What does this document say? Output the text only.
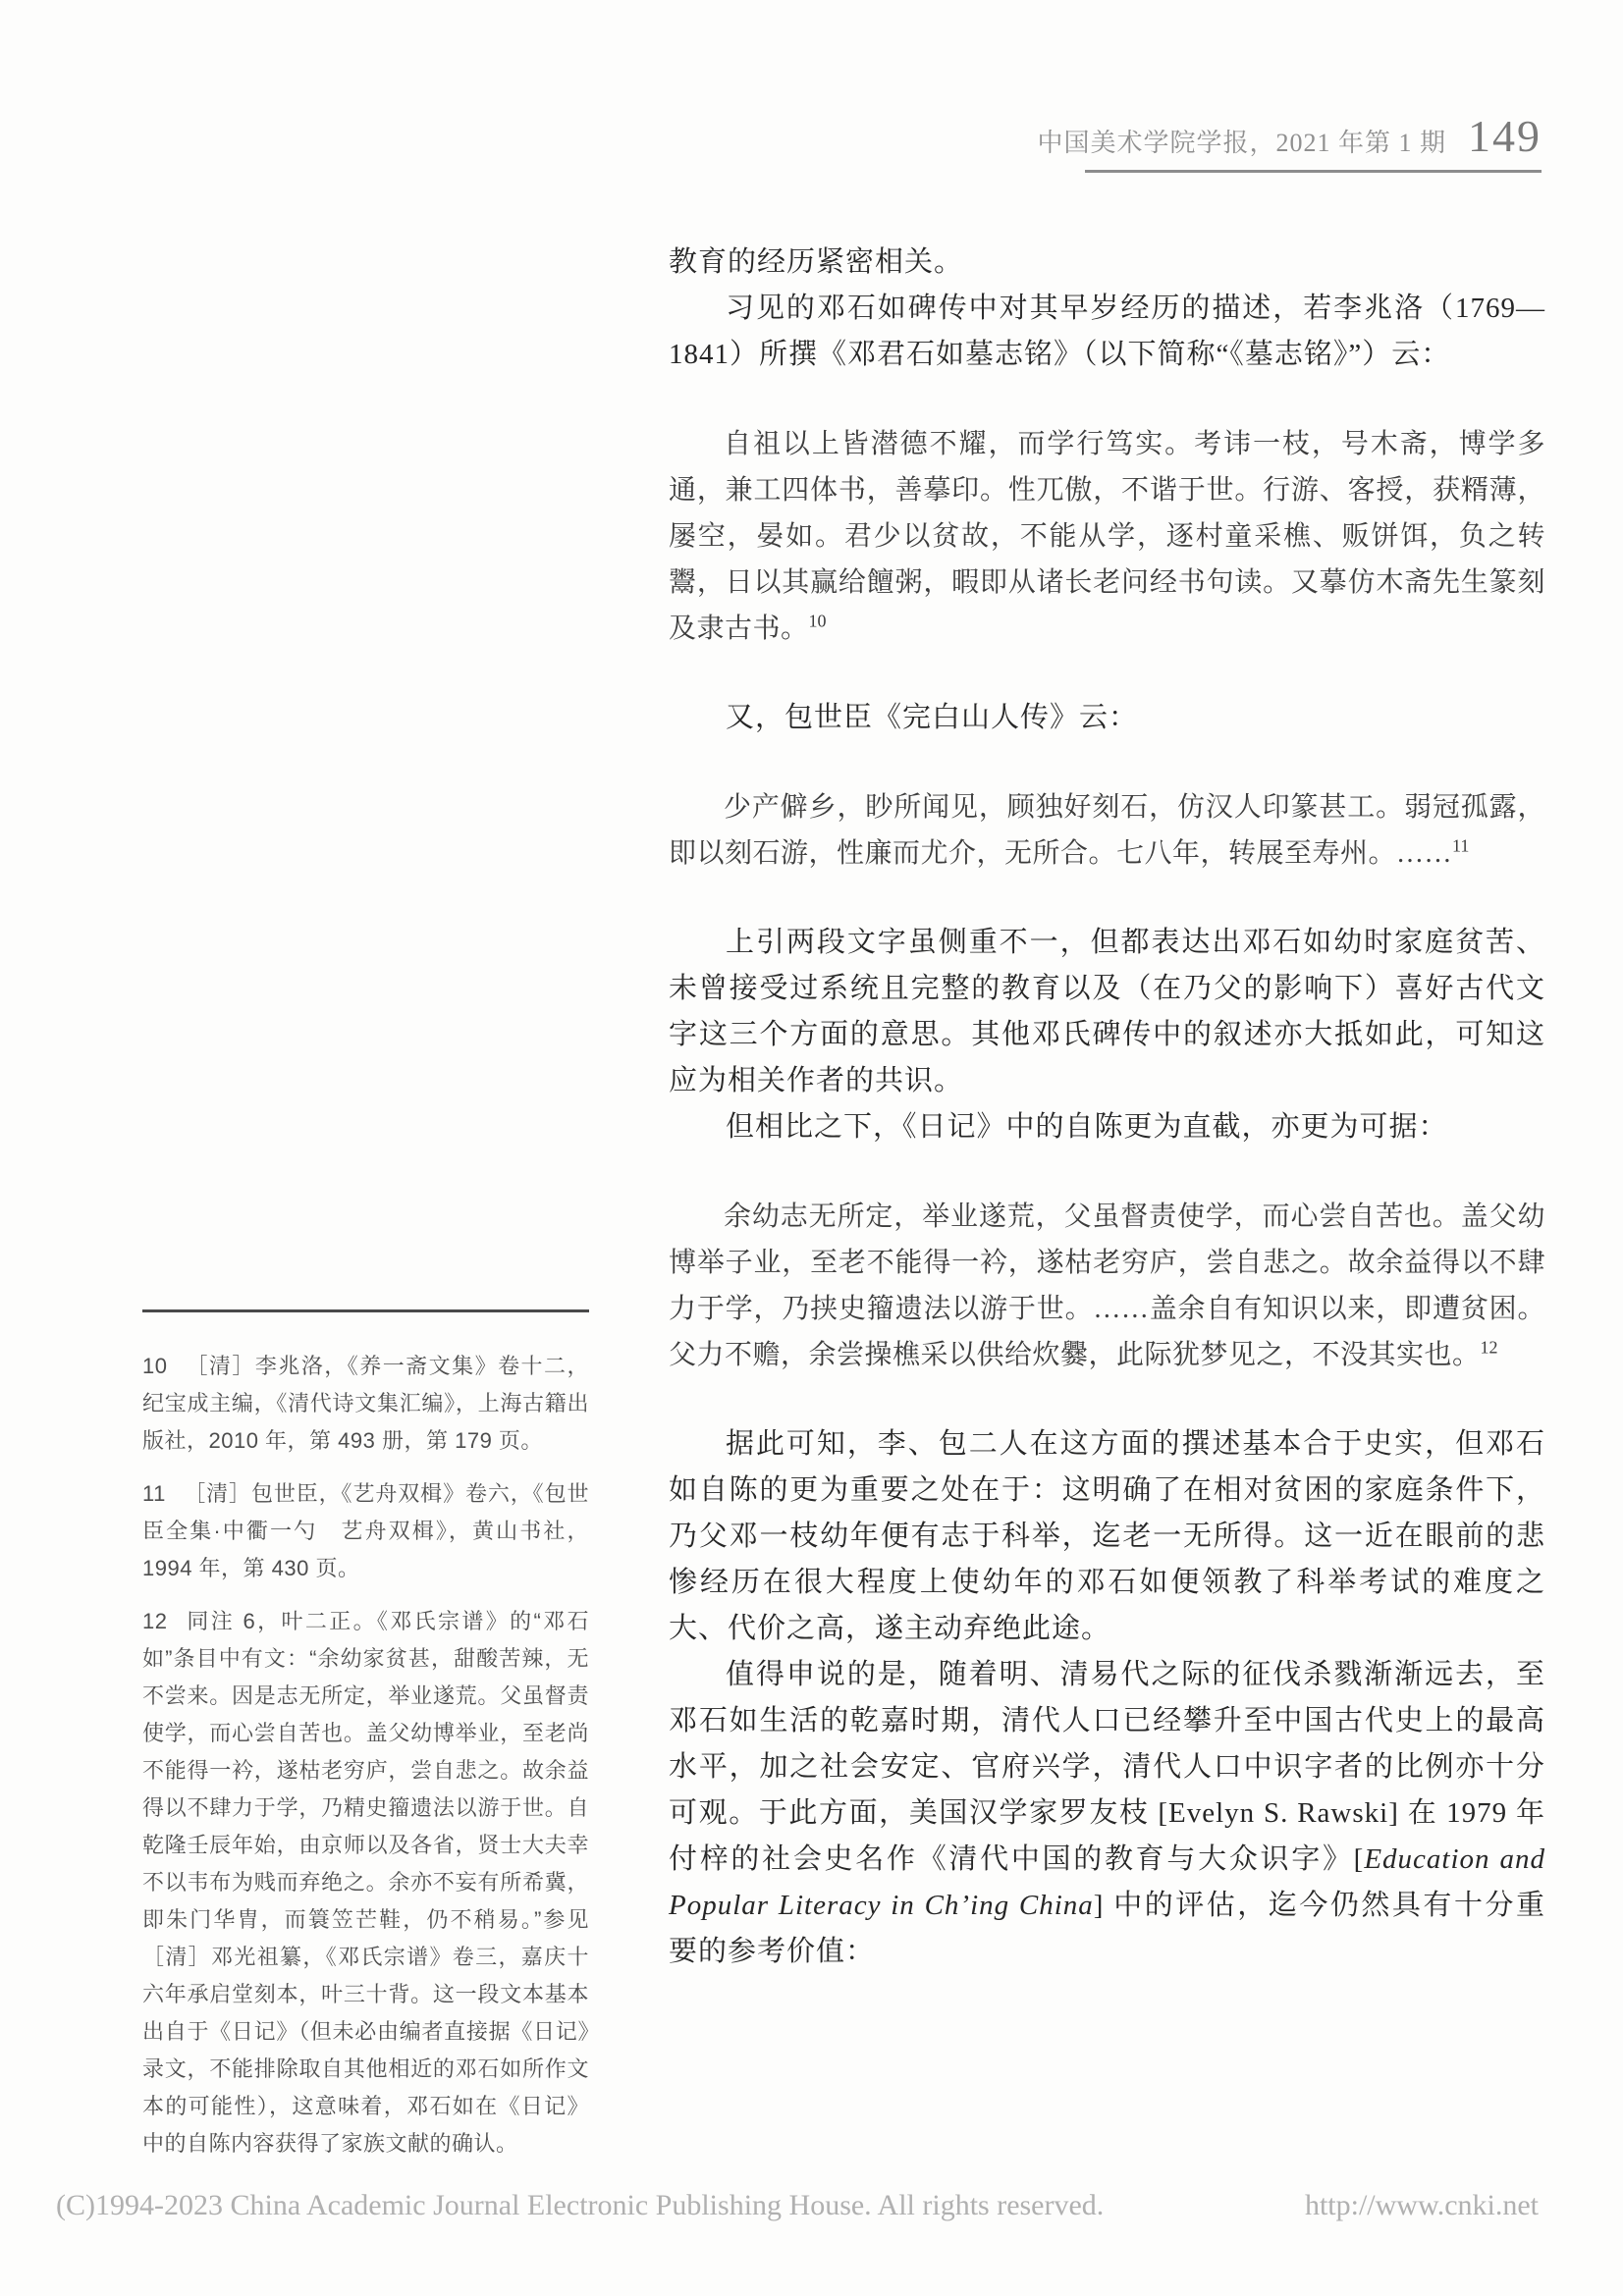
中国美术学院学报，2021 年第 1 期 149

10 ［清］李兆洛，《养一斋文集》卷十二，纪宝成主编，《清代诗文集汇编》，上海古籍出版社，2010 年，第 493 册，第 179 页。

11 ［清］包世臣，《艺舟双楫》卷六，《包世臣全集·中衢一勺　艺舟双楫》，黄山书社，1994 年，第 430 页。

12 同注 6，叶二正。《邓氏宗谱》的“邓石如”条目中有文：“余幼家贫甚，甜酸苦辣，无不尝来。因是志无所定，举业遂荒。父虽督责使学，而心尝自苦也。盖父幼博举业，至老尚不能得一衿，遂枯老穷庐，尝自悲之。故余益得以不肆力于学，乃精史籀遗法以游于世。自乾隆壬辰年始，由京师以及各省，贤士大夫幸不以韦布为贱而弃绝之。余亦不妄有所希冀，即朱门华胄，而簑笠芒鞋，仍不稍易。”参见［清］邓光祖纂，《邓氏宗谱》卷三，嘉庆十六年承启堂刻本，叶三十背。这一段文本基本出自于《日记》（但未必由编者直接据《日记》录文，不能排除取自其他相近的邓石如所作文本的可能性），这意味着，邓石如在《日记》中的自陈内容获得了家族文献的确认。

教育的经历紧密相关。

习见的邓石如碑传中对其早岁经历的描述，若李兆洛（1769—1841）所撰《邓君石如墓志铭》（以下简称“《墓志铭》”）云：

自祖以上皆潜德不耀，而学行笃实。考讳一枝，号木斋，博学多通，兼工四体书，善摹印。性兀傲，不谐于世。行游、客授，获糈薄，屡空，晏如。君少以贫故，不能从学，逐村童采樵、贩饼饵，负之转鬻，日以其赢给饘粥，暇即从诸长老问经书句读。又摹仿木斋先生篆刻及隶古书。$^{10}$

又，包世臣《完白山人传》云：

少产僻乡，眇所闻见，顾独好刻石，仿汉人印篆甚工。弱冠孤露，即以刻石游，性廉而尤介，无所合。七八年，转展至寿州。……$^{11}$

上引两段文字虽侧重不一，但都表达出邓石如幼时家庭贫苦、未曾接受过系统且完整的教育以及（在乃父的影响下）喜好古代文字这三个方面的意思。其他邓氏碑传中的叙述亦大抵如此，可知这应为相关作者的共识。

但相比之下，《日记》中的自陈更为直截，亦更为可据：

余幼志无所定，举业遂荒，父虽督责使学，而心尝自苦也。盖父幼博举子业，至老不能得一衿，遂枯老穷庐，尝自悲之。故余益得以不肆力于学，乃挟史籀遗法以游于世。……盖余自有知识以来，即遭贫困。父力不赡，余尝操樵采以供给炊爨，此际犹梦见之，不没其实也。$^{12}$

据此可知，李、包二人在这方面的撰述基本合于史实，但邓石如自陈的更为重要之处在于：这明确了在相对贫困的家庭条件下，乃父邓一枝幼年便有志于科举，迄老一无所得。这一近在眼前的悲惨经历在很大程度上使幼年的邓石如便领教了科举考试的难度之大、代价之高，遂主动弃绝此途。

值得申说的是，随着明、清易代之际的征伐杀戮渐渐远去，至邓石如生活的乾嘉时期，清代人口已经攀升至中国古代史上的最高水平，加之社会安定、官府兴学，清代人口中识字者的比例亦十分可观。于此方面，美国汉学家罗友枝 [Evelyn S. Rawski] 在 1979 年付梓的社会史名作《清代中国的教育与大众识字》[Education and Popular Literacy in Ch’ing China] 中的评估，迄今仍然具有十分重要的参考价值：

(C)1994-2023 China Academic Journal Electronic Publishing House. All rights reserved.	http://www.cnki.net
